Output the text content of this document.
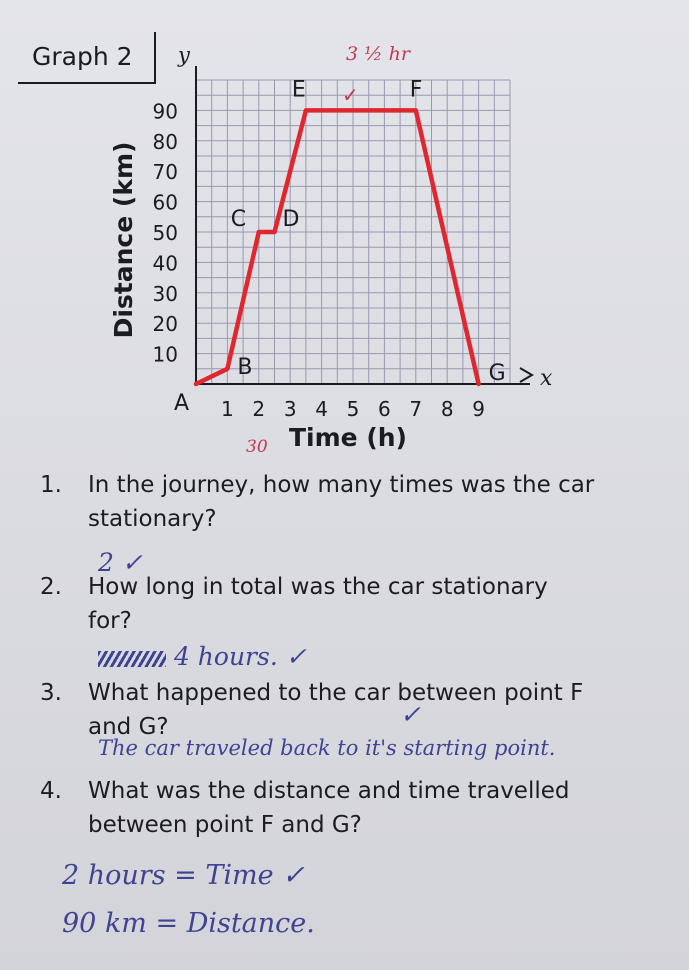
Graph 2
10
20
30
40
50
60
70
80
90
1 2 3 4 5 6 7 8 9
A
B
C D
E	F
G
Distance (km)
Time (h)
y
x
3 ½ hr
✓
30
1. In the journey, how many times was the car
stationary?
2 ✓
2. How long in total was the car stationary
for?
4 hours. ✓
3. What happened to the car between point F
and G?	✓
The car traveled back to it's starting point.
4. What was the distance and time travelled
between point F and G?
2 hours = Time ✓
90 km = Distance.
